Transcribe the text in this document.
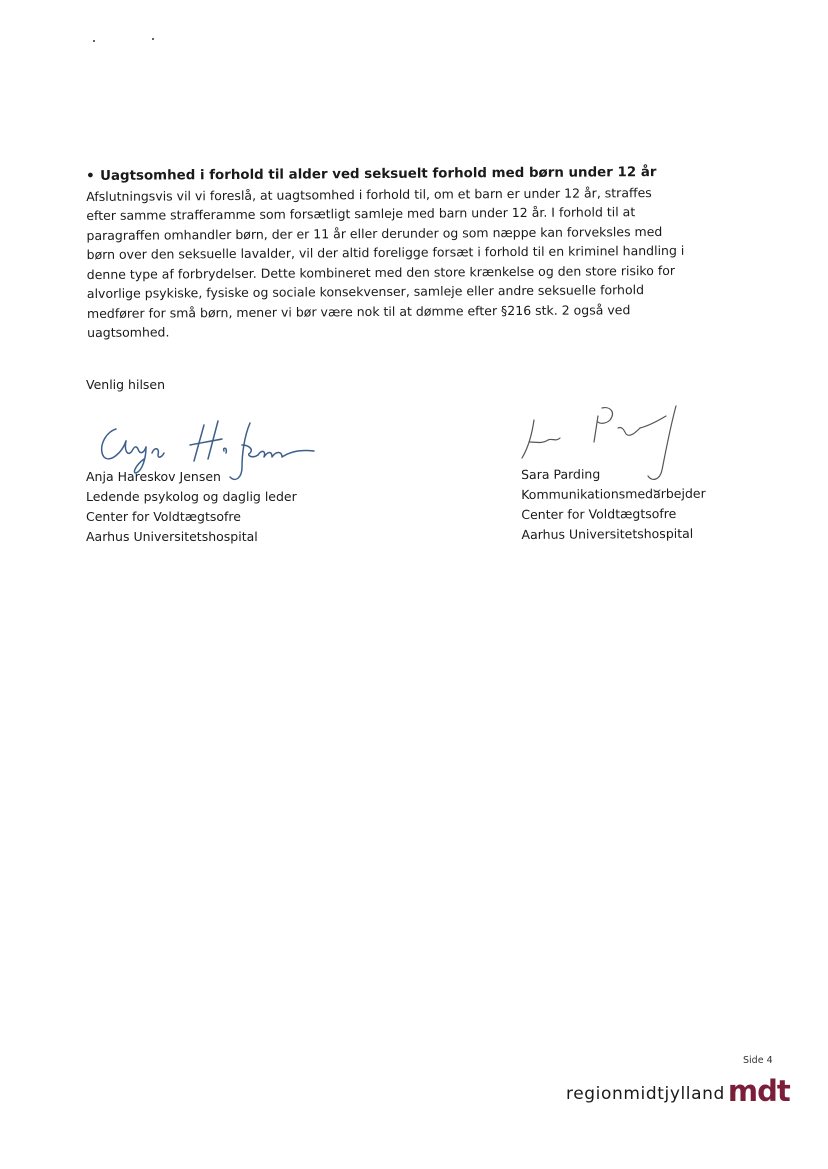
• Uagtsomhed i forhold til alder ved seksuelt forhold med børn under 12 år

Afslutningsvis vil vi foreslå, at uagtsomhed i forhold til, om et barn er under 12 år, straffes
efter samme strafferamme som forsætligt samleje med barn under 12 år. I forhold til at
paragraffen omhandler børn, der er 11 år eller derunder og som næppe kan forveksles med
børn over den seksuelle lavalder, vil der altid foreligge forsæt i forhold til en kriminel handling i
denne type af forbrydelser. Dette kombineret med den store krænkelse og den store risiko for
alvorlige psykiske, fysiske og sociale konsekvenser, samleje eller andre seksuelle forhold
medfører for små børn, mener vi bør være nok til at dømme efter §216 stk. 2 også ved
uagtsomhed.

Venlig hilsen
Anja Hareskov Jensen
Ledende psykolog og daglig leder
Center for Voldtægtsofre
Aarhus Universitetshospital
Sara Parding
Kommunikationsmedarbejder
Center for Voldtægtsofre
Aarhus Universitetshospital
Side 4
regionmidtjylland mdt
